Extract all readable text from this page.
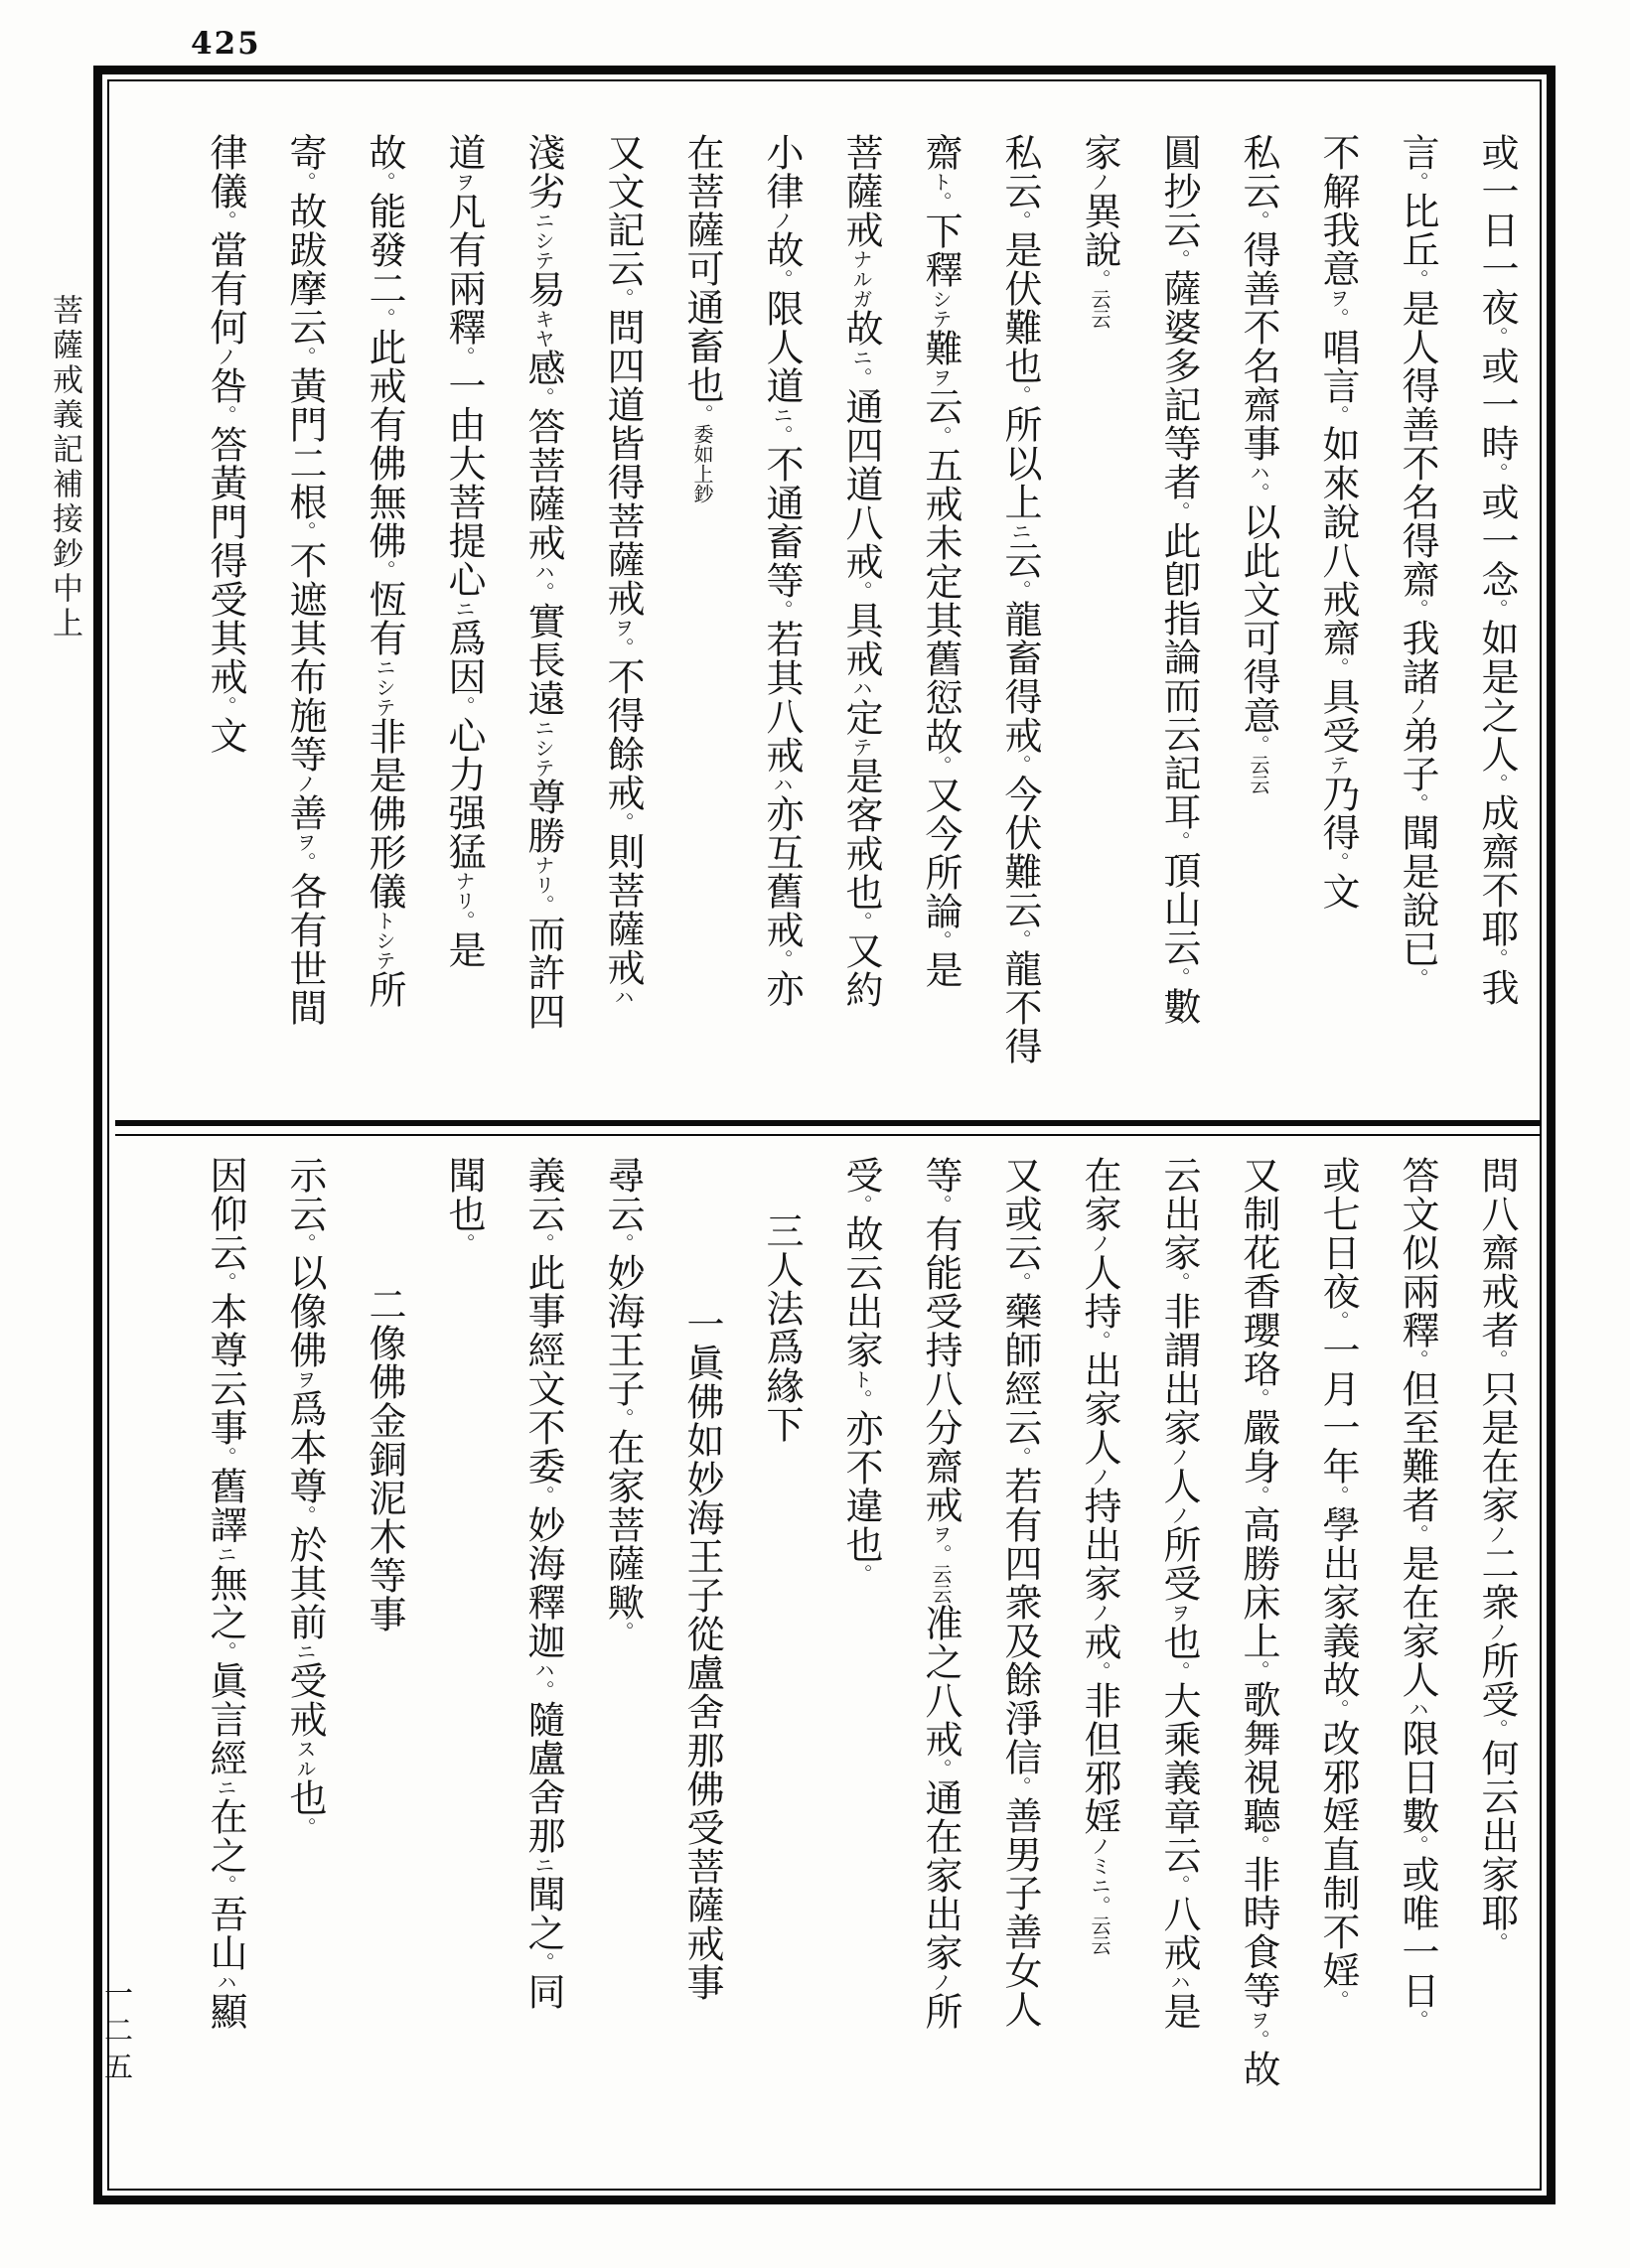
425
菩薩戒義記補接鈔中上

或一日一夜。或一時。或一念。如是之人。成齋不耶。我

言。比丘。是人得善不名得齋。我諸ノ弟子。聞是說已。

不解我意ヲ。唱言。如來說八戒齋。具受テ乃得。文

私云。得善不名齋事ハ。以此文可得意。云云

圓抄云。薩婆多記等者。此卽指論而云記耳。頂山云。數

家ノ異說。云云

私云。是伏難也。所以上ニ云。龍畜得戒。今伏難云。龍不得

齋ト。下釋シテ難ヲ云。五戒未定其舊愆故。又今所論。是

菩薩戒ナルガ故ニ。通四道八戒。具戒ハ定テ是客戒也。又約

小律ノ故。限人道ニ。不通畜等。若其八戒ハ亦互舊戒。亦

在菩薩可通畜也。委如上鈔

又文記云。問四道皆得菩薩戒ヲ。不得餘戒。則菩薩戒ハ

淺劣ニシテ易キヤ感。答菩薩戒ハ。實長遠ニシテ尊勝ナリ。而許四

道ヲ凡有兩釋。一由大菩提心ニ爲因。心力强猛ナリ。是

故。能發二。此戒有佛無佛。恆有ニシテ非是佛形儀トシテ所

寄。故跋摩云。黃門二根。不遮其布施等ノ善ヲ。各有世間

律儀。當有何ノ咎。答黃門得受其戒。文

問八齋戒者。只是在家ノ二衆ノ所受。何云出家耶。

答文似兩釋。但至難者。是在家人ハ限日數。或唯一日。

或七日夜。一月一年。學出家義故。改邪婬直制不婬。

又制花香瓔珞。嚴身。高勝床上。歌舞視聽。非時食等ヲ。故

云出家。非謂出家ノ人ノ所受ヲ也。大乘義章云。八戒ハ是

在家ノ人持。出家人ノ持出家ノ戒。非但邪婬ノミニ。云云

又或云。藥師經云。若有四衆及餘淨信。善男子善女人

等。有能受持八分齋戒ヲ。云云准之八戒。通在家出家ノ所

受。故云出家ト。亦不違也。

三人法爲緣下

一眞佛如妙海王子從盧舍那佛受菩薩戒事

尋云。妙海王子。在家菩薩歟。

義云。此事經文不委。妙海釋迦ハ。隨盧舍那ニ聞之。同

聞也。

二像佛金銅泥木等事

示云。以像佛ヲ爲本尊。於其前ニ受戒スル也。

因仰云。本尊云事。舊譯ニ無之。眞言經ニ在之。吾山ハ顯

一二五
